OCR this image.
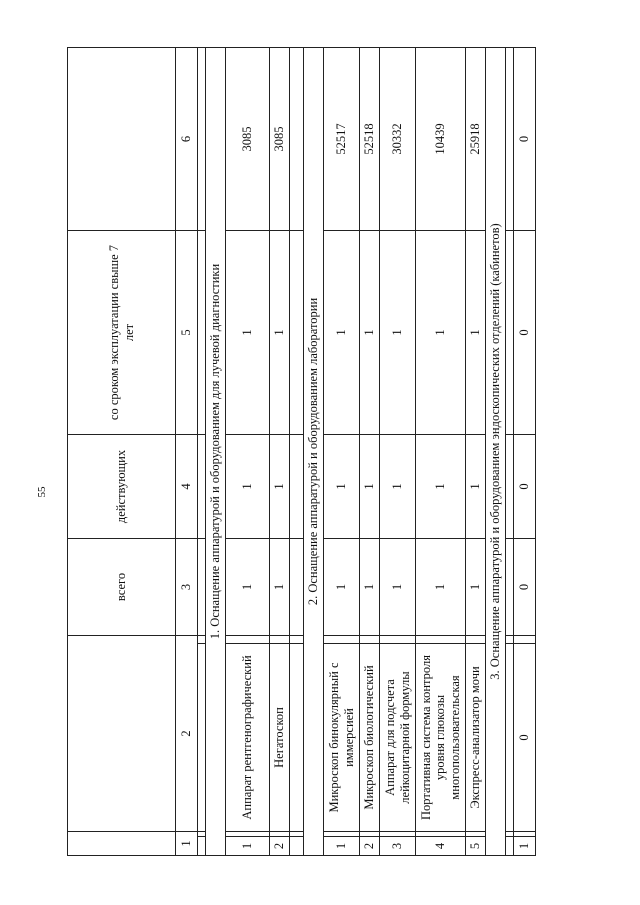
55
				всего	действующих	со сроком эксплуатации свыше 7 лет	
1		2		3	4	5	6

1. Оснащение аппаратурой и оборудованием для лучевой диагностики							
1		Аппарат рентгенографический		1	1	1	3085
2		Негатоскоп		1	1	1	3085

2. Оснащение аппаратурой и оборудованием лаборатории							
1		Микроскоп бинокулярный с иммерсией		1	1	1	52517
2		Микроскоп биологический		1	1	1	52518
3		Аппарат для подсчета лейкоцитарной формулы		1	1	1	30332
4		Портативная система контроля уровня глюкозы многопользовательская		1	1	1	10439
5		Экспресс-анализатор мочи		1	1	1	25918
3. Оснащение аппаратурой и оборудованием эндоскопических отделений (кабинетов)							

1		0		0	0	0	0
